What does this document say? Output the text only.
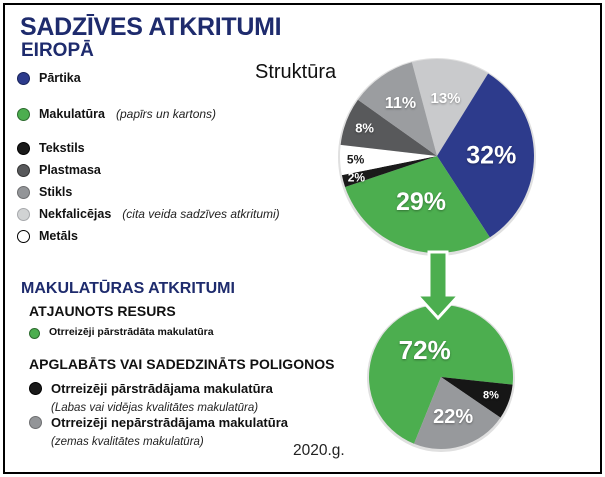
13%
32%
29%
2%
5%
8%
11%
72%
8%
22%
SADZĪVES ATKRITUMI
EIROPĀ
Struktūra
Pārtika
Makulatūra (papīrs un kartons)
Tekstils
Plastmasa
Stikls
Nekfalicējas (cita veida sadzīves atkritumi)
Metāls
MAKULATŪRAS ATKRITUMI
ATJAUNOTS RESURS
Otrreizēji pārstrādāta makulatūra
APGLABĀTS VAI SADEDZINĀTS POLIGONOS
Otrreizēji pārstrādājama makulatūra
(Labas vai vidējas kvalitātes makulatūra)
Otrreizēji nepārstrādājama makulatūra
(zemas kvalitātes makulatūra)	2020.g.
